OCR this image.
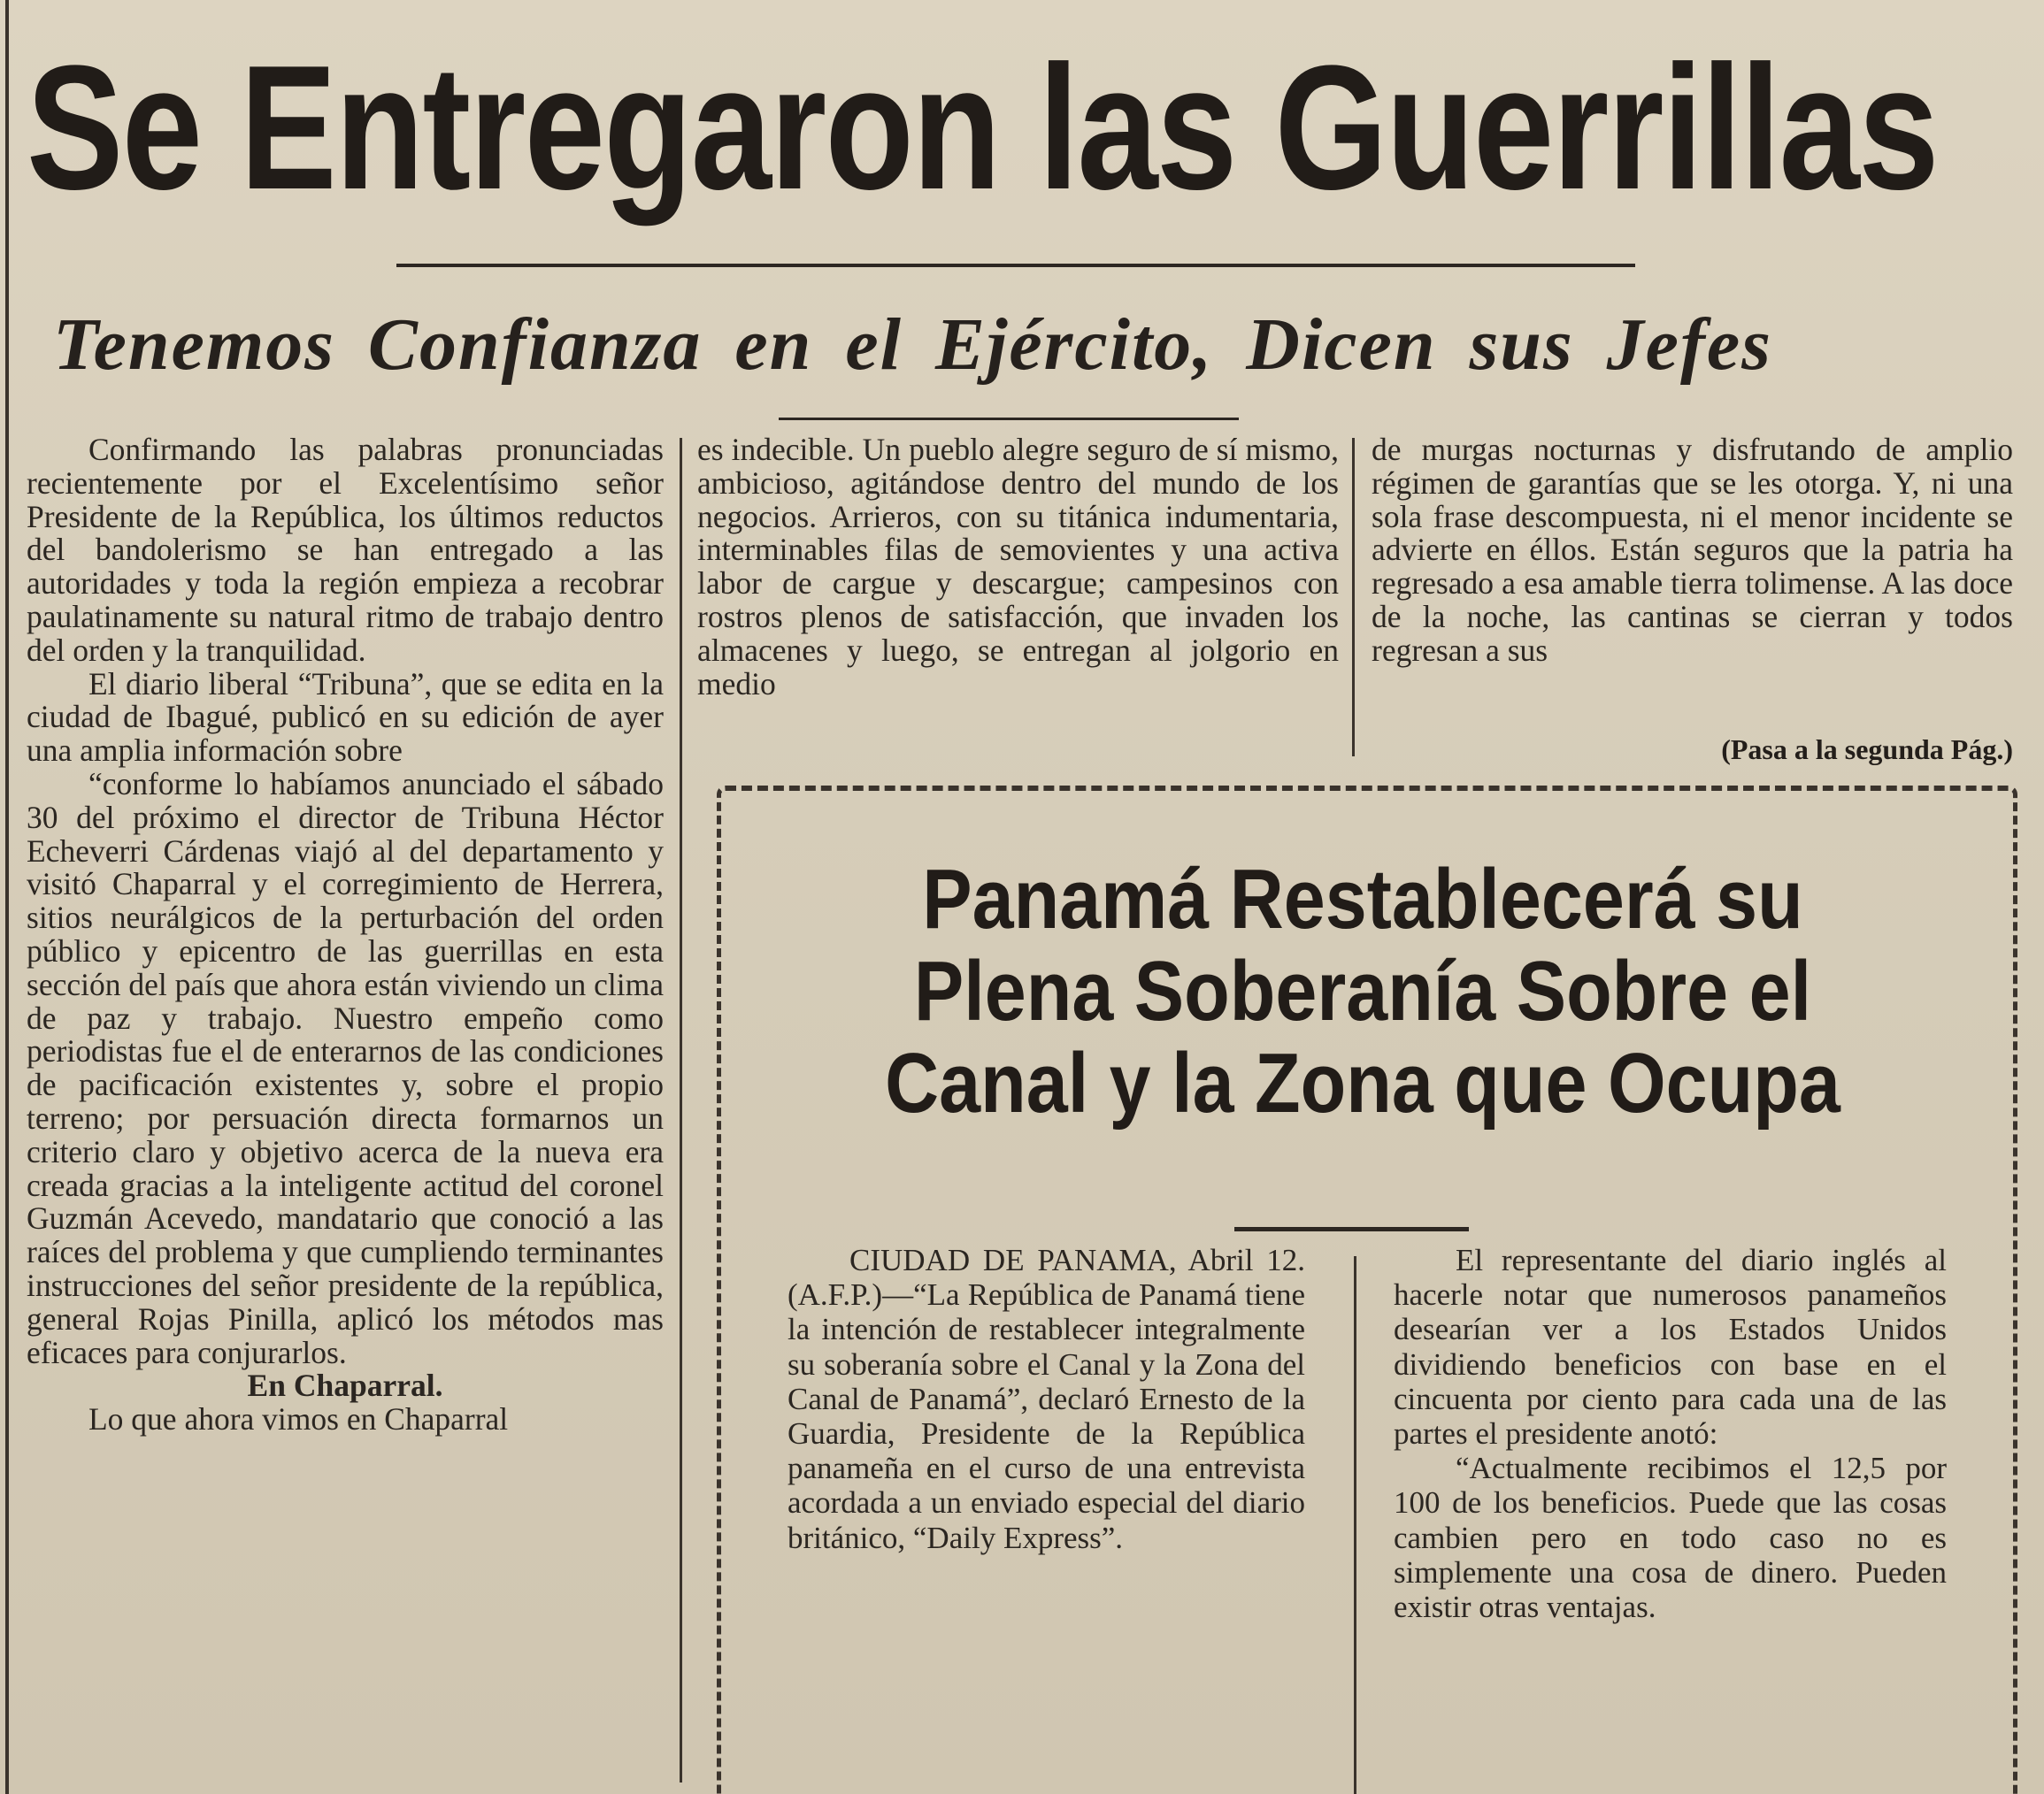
Se Entregaron las Guerrillas
Tenemos Confianza en el Ejército, Dicen sus Jefes

Confirmando las palabras pronunciadas recientemente por el Excelentísimo señor Presidente de la República, los últimos reductos del bandolerismo se han entregado a las autoridades y toda la región empieza a recobrar paulatinamente su natural ritmo de trabajo dentro del orden y la tranquilidad.

El diario liberal “Tribuna”, que se edita en la ciudad de Ibagué, publicó en su edición de ayer una amplia información sobre

“conforme lo habíamos anunciado el sábado 30 del próximo el director de Tribuna Héctor Echeverri Cárdenas viajó al del departamento y visitó Chaparral y el corregimiento de Herrera, sitios neurálgicos de la perturbación del orden público y epicentro de las guerrillas en esta sección del país que ahora están viviendo un clima de paz y trabajo. Nuestro empeño como periodistas fue el de enterarnos de las condiciones de pacificación existentes y, sobre el propio terreno; por persuación directa formarnos un criterio claro y objetivo acerca de la nueva era creada gracias a la inteligente actitud del coronel Guzmán Acevedo, mandatario que conoció a las raíces del problema y que cumpliendo terminantes instrucciones del señor presidente de la república, general Rojas Pinilla, aplicó los métodos mas eficaces para conjurarlos.

En Chaparral.

Lo que ahora vimos en Chaparral

es indecible. Un pueblo alegre seguro de sí mismo, ambicioso, agitándose dentro del mundo de los negocios. Arrieros, con su titánica indumentaria, interminables filas de semovientes y una activa labor de cargue y descargue; campesinos con rostros plenos de satisfacción, que invaden los almacenes y luego, se entregan al jolgorio en medio

de murgas nocturnas y disfrutando de amplio régimen de garantías que se les otorga. Y, ni una sola frase descompuesta, ni el menor incidente se advierte en éllos. Están seguros que la patria ha regresado a esa amable tierra tolimense. A las doce de la noche, las cantinas se cierran y todos regresan a sus

(Pasa a la segunda Pág.)
Panamá Restablecerá su
Plena Soberanía Sobre el
Canal y la Zona que Ocupa

CIUDAD DE PANAMA, Abril 12. (A.F.P.)—“La República de Panamá tiene la intención de restablecer integralmente su soberanía sobre el Canal y la Zona del Canal de Panamá”, declaró Ernesto de la Guardia, Presidente de la República panameña en el curso de una entrevista acordada a un enviado especial del diario británico, “Daily Express”.

El representante del diario inglés al hacerle notar que numerosos panameños desearían ver a los Estados Unidos dividiendo beneficios con base en el cincuenta por ciento para cada una de las partes el presidente anotó:

“Actualmente recibimos el 12,5 por 100 de los beneficios. Puede que las cosas cambien pero en todo caso no es simplemente una cosa de dinero. Pueden existir otras ventajas.
